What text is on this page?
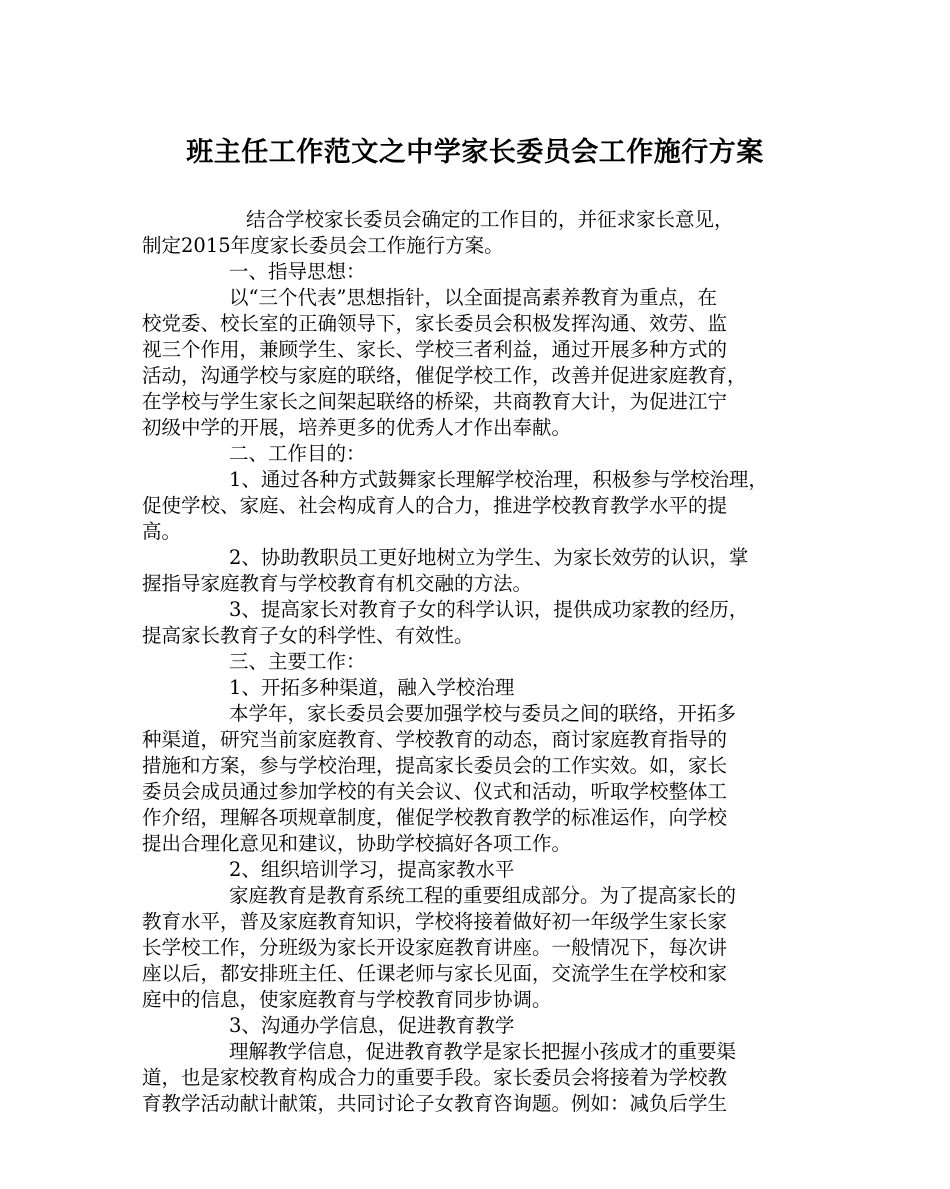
班主任工作范文之中学家长委员会工作施行方案
结合学校家长委员会确定的工作目的，并征求家长意见，
制定2015年度家长委员会工作施行方案。
一、指导思想：
以“三个代表”思想指针，以全面提高素养教育为重点，在
校党委、校长室的正确领导下，家长委员会积极发挥沟通、效劳、监
视三个作用，兼顾学生、家长、学校三者利益，通过开展多种方式的
活动，沟通学校与家庭的联络，催促学校工作，改善并促进家庭教育，
在学校与学生家长之间架起联络的桥梁，共商教育大计，为促进江宁
初级中学的开展，培养更多的优秀人才作出奉献。
二、工作目的：
1、通过各种方式鼓舞家长理解学校治理，积极参与学校治理，
促使学校、家庭、社会构成育人的合力，推进学校教育教学水平的提
高。
2、协助教职员工更好地树立为学生、为家长效劳的认识，掌
握指导家庭教育与学校教育有机交融的方法。
3、提高家长对教育子女的科学认识，提供成功家教的经历，
提高家长教育子女的科学性、有效性。
三、主要工作：
1、开拓多种渠道，融入学校治理
本学年，家长委员会要加强学校与委员之间的联络，开拓多
种渠道，研究当前家庭教育、学校教育的动态，商讨家庭教育指导的
措施和方案，参与学校治理，提高家长委员会的工作实效。如，家长
委员会成员通过参加学校的有关会议、仪式和活动，听取学校整体工
作介绍，理解各项规章制度，催促学校教育教学的标准运作，向学校
提出合理化意见和建议，协助学校搞好各项工作。
2、组织培训学习，提高家教水平
家庭教育是教育系统工程的重要组成部分。为了提高家长的
教育水平，普及家庭教育知识，学校将接着做好初一年级学生家长家
长学校工作，分班级为家长开设家庭教育讲座。一般情况下，每次讲
座以后，都安排班主任、任课老师与家长见面，交流学生在学校和家
庭中的信息，使家庭教育与学校教育同步协调。
3、沟通办学信息，促进教育教学
理解教学信息，促进教育教学是家长把握小孩成才的重要渠
道，也是家校教育构成合力的重要手段。家长委员会将接着为学校教
育教学活动献计献策，共同讨论子女教育咨询题。例如：减负后学生
